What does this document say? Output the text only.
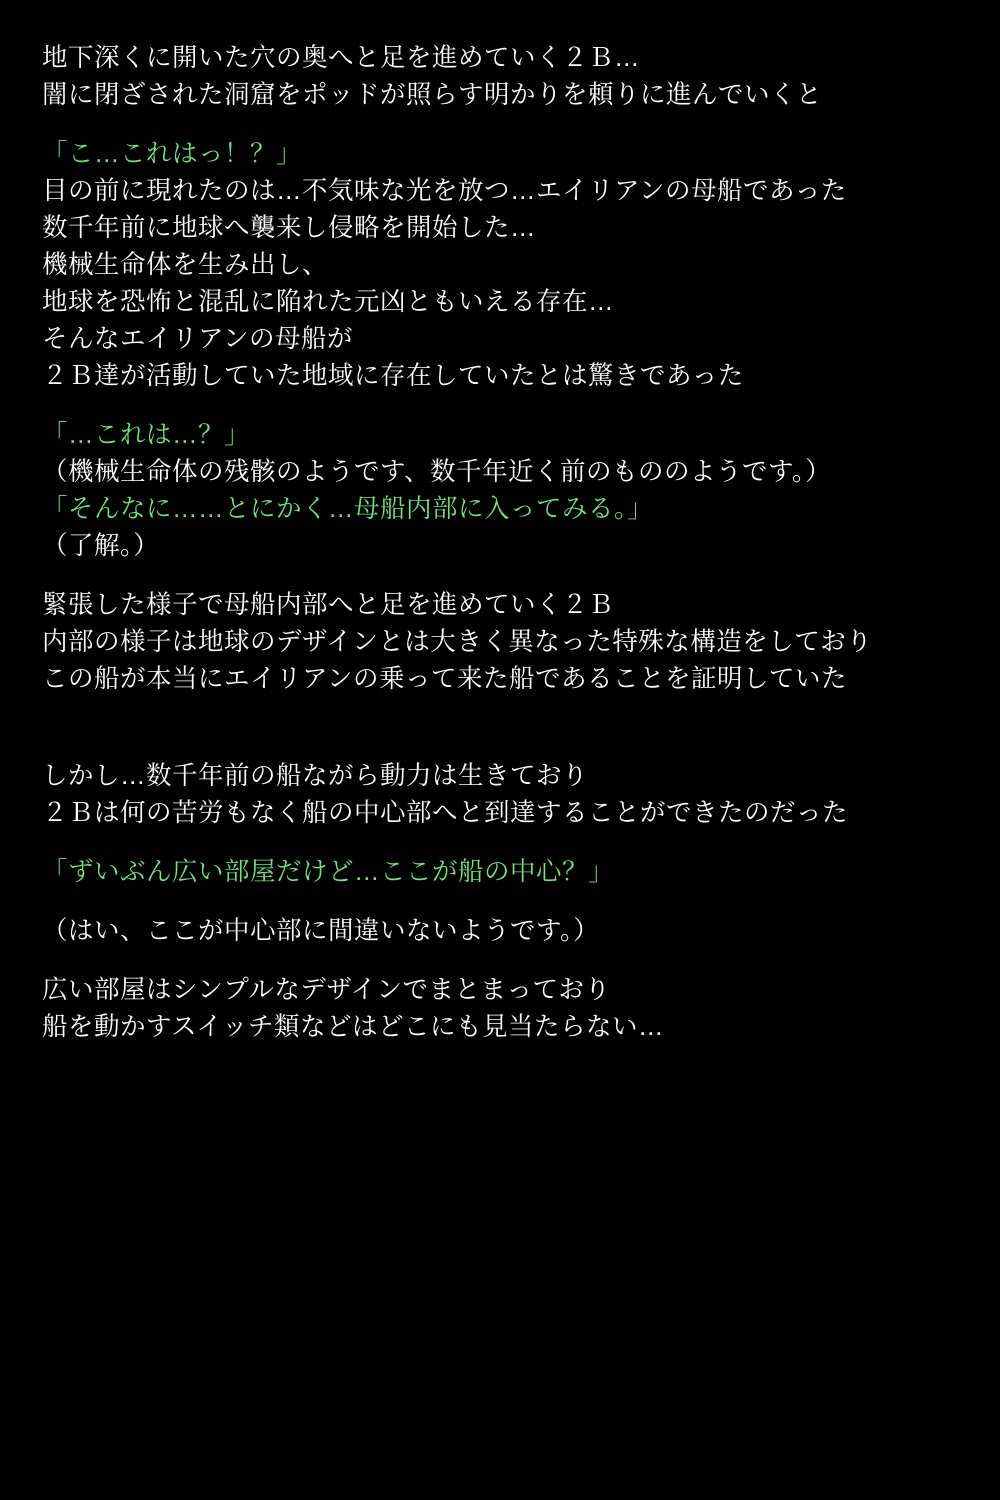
地下深くに開いた穴の奥へと足を進めていく２Ｂ…
闇に閉ざされた洞窟をポッドが照らす明かりを頼りに進んでいくと
「こ…これはっ！？」
目の前に現れたのは…不気味な光を放つ…エイリアンの母船であった
数千年前に地球へ襲来し侵略を開始した…
機械生命体を生み出し、
地球を恐怖と混乱に陥れた元凶ともいえる存在…
そんなエイリアンの母船が
２Ｂ達が活動していた地域に存在していたとは驚きであった
「…これは…？」
（機械生命体の残骸のようです、数千年近く前のもののようです。）
「そんなに……とにかく…母船内部に入ってみる。」
（了解。）
緊張した様子で母船内部へと足を進めていく２Ｂ
内部の様子は地球のデザインとは大きく異なった特殊な構造をしており
この船が本当にエイリアンの乗って来た船であることを証明していた
しかし…数千年前の船ながら動力は生きており
２Ｂは何の苦労もなく船の中心部へと到達することができたのだった
「ずいぶん広い部屋だけど…ここが船の中心？」
（はい、ここが中心部に間違いないようです。）
広い部屋はシンプルなデザインでまとまっており
船を動かすスイッチ類などはどこにも見当たらない…
